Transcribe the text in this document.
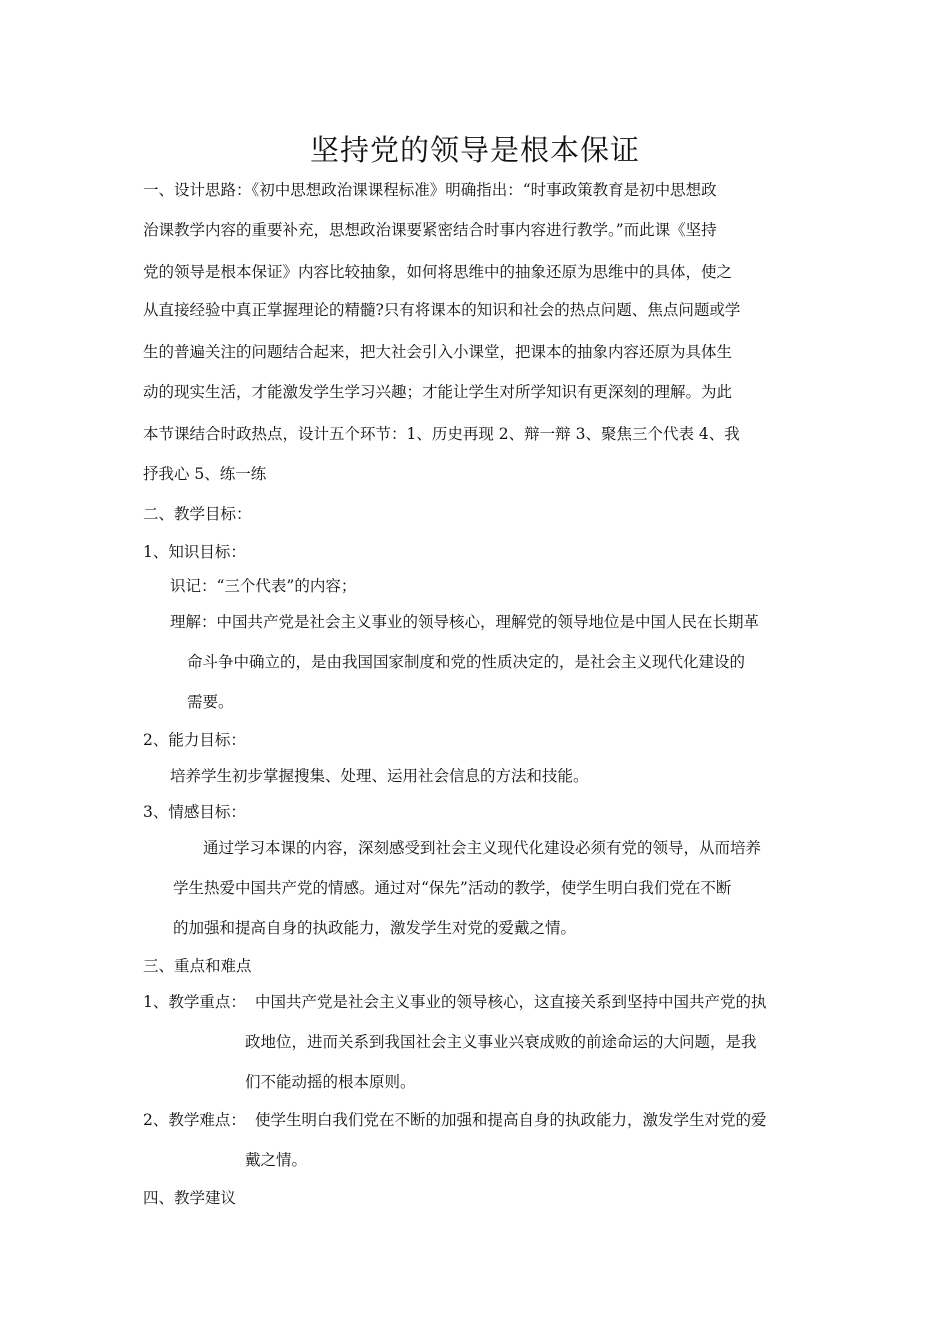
坚持党的领导是根本保证
一、设计思路：《初中思想政治课课程标准》明确指出：“时事政策教育是初中思想政
治课教学内容的重要补充，思想政治课要紧密结合时事内容进行教学。”而此课《坚持
党的领导是根本保证》内容比较抽象，如何将思维中的抽象还原为思维中的具体，使之
从直接经验中真正掌握理论的精髓?只有将课本的知识和社会的热点问题、焦点问题或学
生的普遍关注的问题结合起来，把大社会引入小课堂，把课本的抽象内容还原为具体生
动的现实生活，才能激发学生学习兴趣；才能让学生对所学知识有更深刻的理解。为此
本节课结合时政热点，设计五个环节：1、历史再现 2、辩一辩 3、聚焦三个代表 4、我
抒我心 5、练一练
二、教学目标：
1、知识目标：
识记：“三个代表”的内容；
理解：中国共产党是社会主义事业的领导核心，理解党的领导地位是中国人民在长期革
命斗争中确立的，是由我国国家制度和党的性质决定的，是社会主义现代化建设的
需要。
2、能力目标：
培养学生初步掌握搜集、处理、运用社会信息的方法和技能。
3、情感目标：
通过学习本课的内容，深刻感受到社会主义现代化建设必须有党的领导，从而培养
学生热爱中国共产党的情感。通过对“保先”活动的教学，使学生明白我们党在不断
的加强和提高自身的执政能力，激发学生对党的爱戴之情。
三、重点和难点
1、教学重点： 中国共产党是社会主义事业的领导核心，这直接关系到坚持中国共产党的执
政地位，进而关系到我国社会主义事业兴衰成败的前途命运的大问题，是我
们不能动摇的根本原则。
2、教学难点： 使学生明白我们党在不断的加强和提高自身的执政能力，激发学生对党的爱
戴之情。
四、教学建议
